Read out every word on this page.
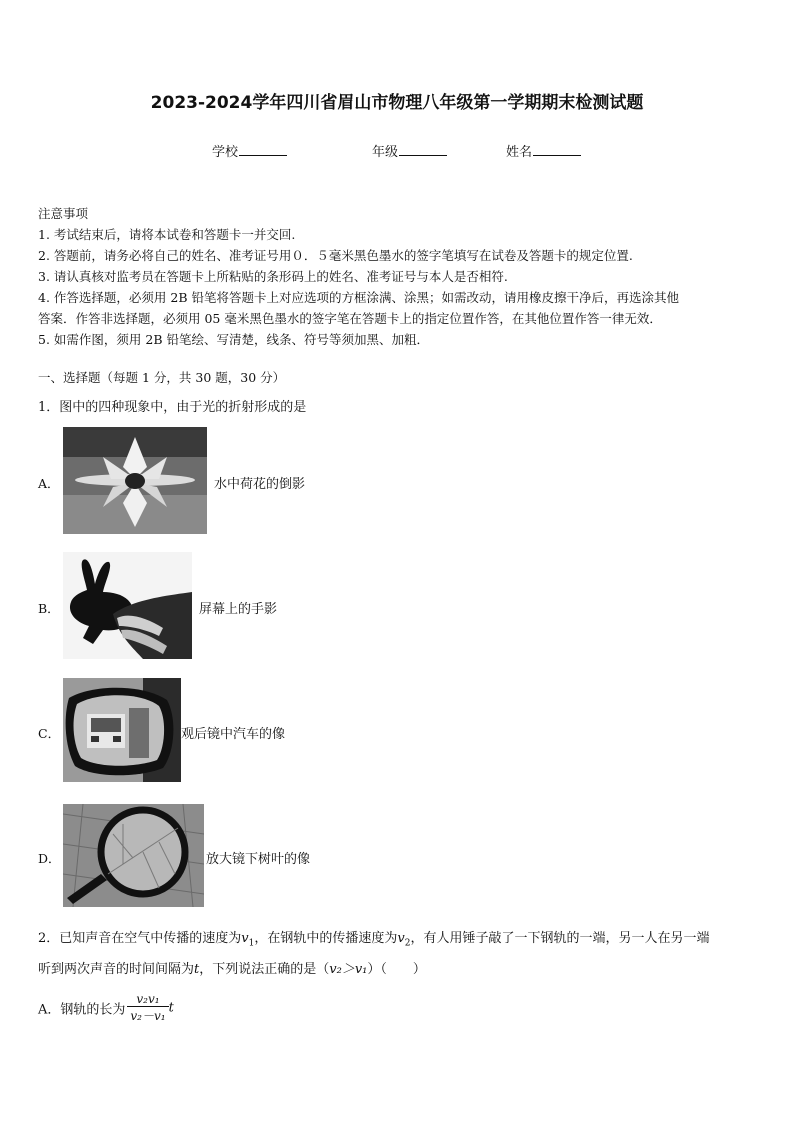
2023-2024学年四川省眉山市物理八年级第一学期期末检测试题
学校	年级	姓名
注意事项
1. 考试结束后，请将本试卷和答题卡一并交回.
2. 答题前，请务必将自己的姓名、准考证号用０．５毫米黑色墨水的签字笔填写在试卷及答题卡的规定位置.
3. 请认真核对监考员在答题卡上所粘贴的条形码上的姓名、准考证号与本人是否相符.
4. 作答选择题，必须用 2B 铅笔将答题卡上对应选项的方框涂满、涂黑；如需改动，请用橡皮擦干净后，再选涂其他
答案．作答非选择题，必须用 05 毫米黑色墨水的签字笔在答题卡上的指定位置作答，在其他位置作答一律无效．
5. 如需作图，须用 2B 铅笔绘、写清楚，线条、符号等须加黑、加粗．
一、选择题（每题 1 分，共 30 题，30 分）
1．图中的四种现象中，由于光的折射形成的是
A．	水中荷花的倒影
B．	屏幕上的手影
C．	观后镜中汽车的像
D．	放大镜下树叶的像
2．已知声音在空气中传播的速度为$v_1$，在钢轨中的传播速度为$v_2$，有人用锤子敲了一下钢轨的一端，另一人在另一端
听到两次声音的时间间隔为t，下列说法正确的是（v₂＞v₁）（　　）
A．钢轨的长为 $\frac{\text{v₂v₁}}{\text{v₂－v₁}}$ t
